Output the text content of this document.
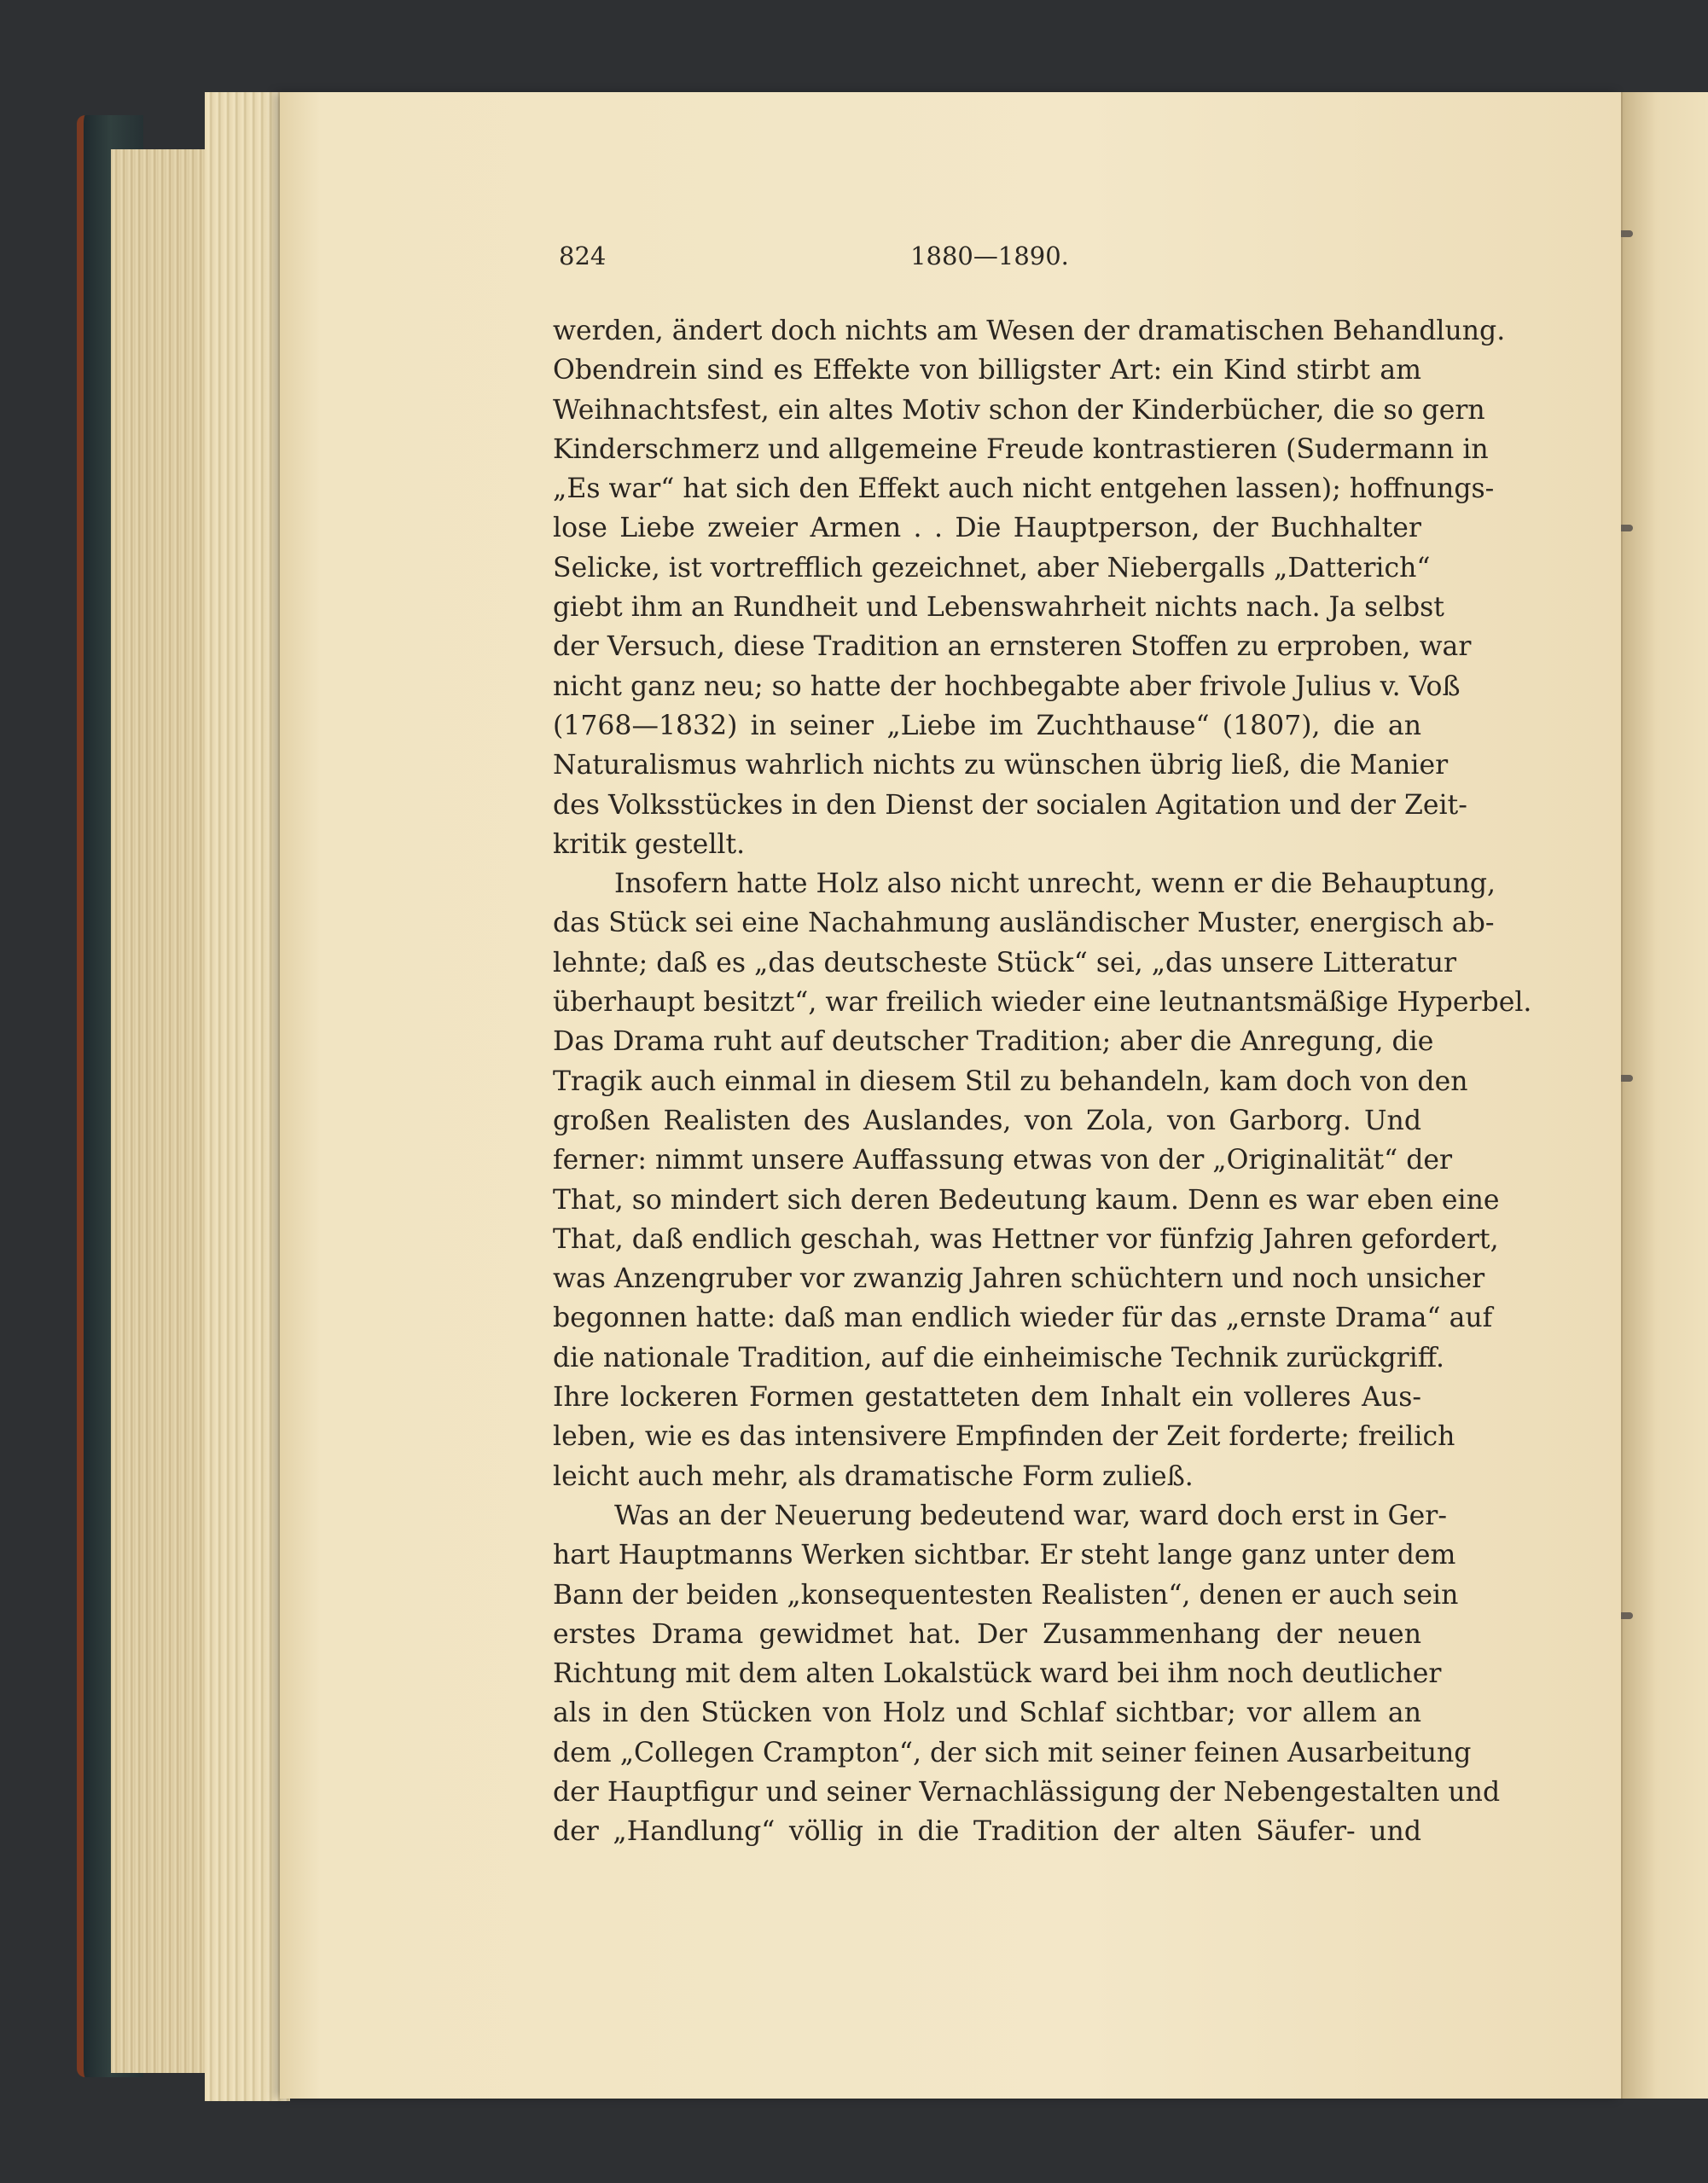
824	1880—1890.
werden, ändert doch nichts am Wesen der dramatischen Behandlung.
Obendrein sind es Effekte von billigster Art: ein Kind stirbt am
Weihnachtsfest, ein altes Motiv schon der Kinderbücher, die so gern
Kinderschmerz und allgemeine Freude kontrastieren (Sudermann in
„Es war“ hat sich den Effekt auch nicht entgehen lassen); hoffnungs-
lose Liebe zweier Armen . . Die Hauptperson, der Buchhalter
Selicke, ist vortrefflich gezeichnet, aber Niebergalls „Datterich“
giebt ihm an Rundheit und Lebenswahrheit nichts nach. Ja selbst
der Versuch, diese Tradition an ernsteren Stoffen zu erproben, war
nicht ganz neu; so hatte der hochbegabte aber frivole Julius v. Voß
(1768—1832) in seiner „Liebe im Zuchthause“ (1807), die an
Naturalismus wahrlich nichts zu wünschen übrig ließ, die Manier
des Volksstückes in den Dienst der socialen Agitation und der Zeit-
kritik gestellt.
Insofern hatte Holz also nicht unrecht, wenn er die Behauptung,
das Stück sei eine Nachahmung ausländischer Muster, energisch ab-
lehnte; daß es „das deutscheste Stück“ sei, „das unsere Litteratur
überhaupt besitzt“, war freilich wieder eine leutnantsmäßige Hyperbel.
Das Drama ruht auf deutscher Tradition; aber die Anregung, die
Tragik auch einmal in diesem Stil zu behandeln, kam doch von den
großen Realisten des Auslandes, von Zola, von Garborg. Und
ferner: nimmt unsere Auffassung etwas von der „Originalität“ der
That, so mindert sich deren Bedeutung kaum. Denn es war eben eine
That, daß endlich geschah, was Hettner vor fünfzig Jahren gefordert,
was Anzengruber vor zwanzig Jahren schüchtern und noch unsicher
begonnen hatte: daß man endlich wieder für das „ernste Drama“ auf
die nationale Tradition, auf die einheimische Technik zurückgriff.
Ihre lockeren Formen gestatteten dem Inhalt ein volleres Aus-
leben, wie es das intensivere Empfinden der Zeit forderte; freilich
leicht auch mehr, als dramatische Form zuließ.
Was an der Neuerung bedeutend war, ward doch erst in Ger-
hart Hauptmanns Werken sichtbar. Er steht lange ganz unter dem
Bann der beiden „konsequentesten Realisten“, denen er auch sein
erstes Drama gewidmet hat. Der Zusammenhang der neuen
Richtung mit dem alten Lokalstück ward bei ihm noch deutlicher
als in den Stücken von Holz und Schlaf sichtbar; vor allem an
dem „Collegen Crampton“, der sich mit seiner feinen Ausarbeitung
der Hauptfigur und seiner Vernachlässigung der Nebengestalten und
der „Handlung“ völlig in die Tradition der alten Säufer- und
